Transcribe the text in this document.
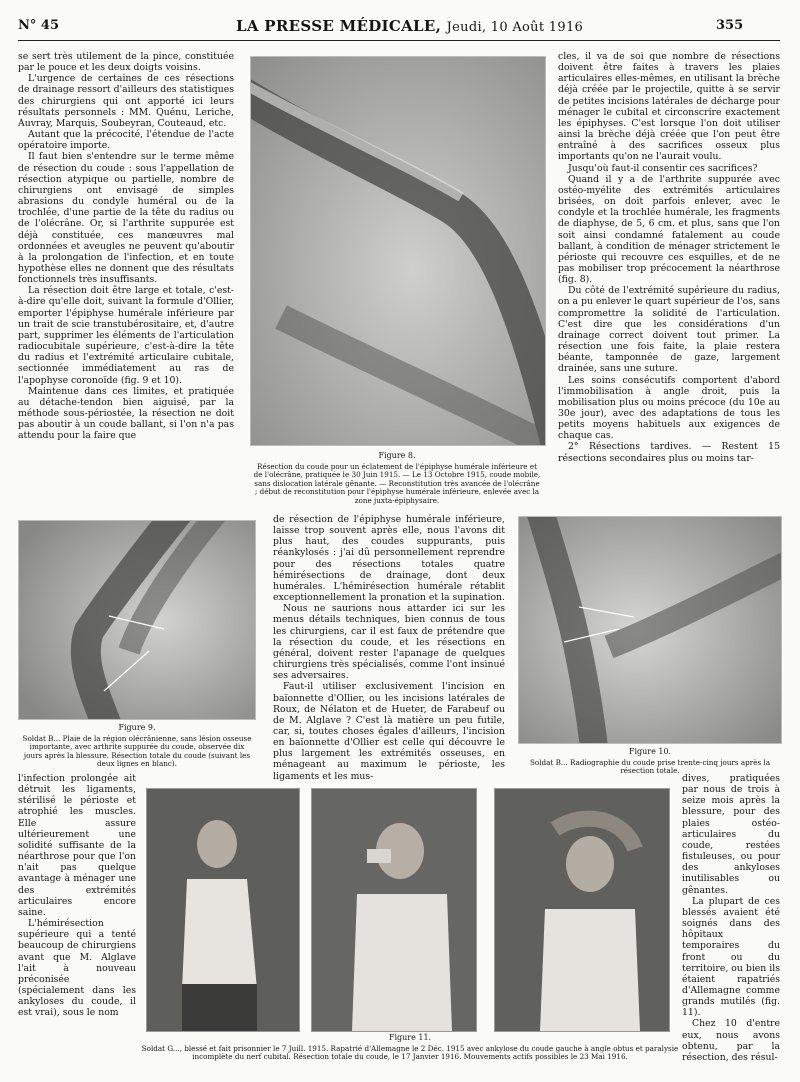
N° 45	LA PRESSE MÉDICALE, Jeudi, 10 Août 1916	355

se sert très utilement de la pince, constituée par le pouce et les deux doigts voisins.

L'urgence de certaines de ces résections de drainage ressort d'ailleurs des statistiques des chirurgiens qui ont apporté ici leurs résultats personnels : MM. Quénu, Leriche, Auvray, Marquis, Soubeyran, Couteaud, etc.

Autant que la précocité, l'étendue de l'acte opératoire importe.

Il faut bien s'entendre sur le terme même de résection du coude : sous l'appellation de résection atypique ou partielle, nombre de chirurgiens ont envisagé de simples abrasions du condyle huméral ou de la trochlée, d'une partie de la tête du radius ou de l'olécrâne. Or, si l'arthrite suppurée est déjà constituée, ces manœuvres mal ordonnées et aveugles ne peuvent qu'aboutir à la prolongation de l'infection, et en toute hypothèse elles ne donnent que des résultats fonctionnels très insuffisants.

La résection doit être large et totale, c'est-à-dire qu'elle doit, suivant la formule d'Ollier, emporter l'épiphyse humérale inférieure par un trait de scie transtubérositaire, et, d'autre part, supprimer les éléments de l'articulation radiocubitale supérieure, c'est-à-dire la tête du radius et l'extrémité articulaire cubitale, sectionnée immédiatement au ras de l'apophyse coronoïde (fig. 9 et 10).

Maintenue dans ces limites, et pratiquée au détache-tendon bien aiguisé, par la méthode sous-périostée, la résection ne doit pas aboutir à un coude ballant, si l'on n'a pas attendu pour la faire que

Figure 8.
Résection du coude pour un éclatement de l'épiphyse humérale inférieure et de l'olécrâne, pratiquée le 30 Juin 1915. — Le 13 Octobre 1915, coude mobile, sans dislocation latérale gênante. — Reconstitution très avancée de l'olécrâne ; début de reconstitution pour l'épiphyse humérale inférieure, enlevée avec la zone juxta-épiphysaire.

cles, il va de soi que nombre de résections doivent être faites à travers les plaies articulaires elles-mêmes, en utilisant la brèche déjà créée par le projectile, quitte à se servir de petites incisions latérales de décharge pour ménager le cubital et circonscrire exactement les épiphyses. C'est lorsque l'on doit utiliser ainsi la brèche déjà créée que l'on peut être entraîné à des sacrifices osseux plus importants qu'on ne l'aurait voulu.

Jusqu'où faut-il consentir ces sacrifices?

Quand il y a de l'arthrite suppurée avec ostéo-myélite des extrémités articulaires brisées, on doit parfois enlever, avec le condyle et la trochlée humérale, les fragments de diaphyse, de 5, 6 cm. et plus, sans que l'on soit ainsi condamné fatalement au coude ballant, à condition de ménager strictement le périoste qui recouvre ces esquilles, et de ne pas mobiliser trop précocement la néarthrose (fig. 8).

Du côté de l'extrémité supérieure du radius, on a pu enlever le quart supérieur de l'os, sans compromettre la solidité de l'articulation. C'est dire que les considérations d'un drainage correct doivent tout primer. La résection une fois faite, la plaie restera béante, tamponnée de gaze, largement drainée, sans une suture.

Les soins consécutifs comportent d'abord l'immobilisation à angle droit, puis la mobilisation plus ou moins précoce (du 10e au 30e jour), avec des adaptations de tous les petits moyens habituels aux exigences de chaque cas.

2° Résections tardives. — Restent 15 résections secondaires plus ou moins tar-

Figure 9.
Soldat B... Plaie de la région olécrânienne, sans lésion osseuse importante, avec arthrite suppurée du coude, observée dix jours après la blessure. Résection totale du coude (suivant les deux lignes en blanc).

de résection de l'épiphyse humérale inférieure, laisse trop souvent après elle, nous l'avons dit plus haut, des coudes suppurants, puis réankylosés : j'ai dû personnellement reprendre pour des résections totales quatre hémirésections de drainage, dont deux humérales. L'hémirésection humérale rétablit exceptionnellement la pronation et la supination.

Nous ne saurions nous attarder ici sur les menus détails techniques, bien connus de tous les chirurgiens, car il est faux de prétendre que la résection du coude, et les résections en général, doivent rester l'apanage de quelques chirurgiens très spécialisés, comme l'ont insinué ses adversaires.

Faut-il utiliser exclusivement l'incision en baïonnette d'Ollier, ou les incisions latérales de Roux, de Nélaton et de Hueter, de Farabeuf ou de M. Alglave ? C'est là matière un peu futile, car, si, toutes choses égales d'ailleurs, l'incision en baïonnette d'Ollier est celle qui découvre le plus largement les extrémités osseuses, en ménageant au maximum le périoste, les ligaments et les mus-

Figure 10.
Soldat B... Radiographie du coude prise trente-cinq jours après la résection totale.

l'infection prolongée ait détruit les ligaments, stérilisé le périoste et atrophié les muscles. Elle assure ultérieurement une solidité suffisante de la néarthrose pour que l'on n'ait pas quelque avantage à ménager une des extrémités articulaires encore saine.

L'hémirésection supérieure qui a tenté beaucoup de chirurgiens avant que M. Alglave l'ait à nouveau préconisée (spécialement dans les ankyloses du coude, il est vrai), sous le nom

Figure 11.
Soldat G..., blessé et fait prisonnier le 7 Juill. 1915. Rapatrié d'Allemagne le 2 Déc. 1915 avec ankylose du coude gauche à angle obtus et paralysie incomplète du nerf cubital. Résection totale du coude, le 17 Janvier 1916. Mouvements actifs possibles le 23 Mai 1916.

dives, pratiquées par nous de trois à seize mois après la blessure, pour des plaies ostéo-articulaires du coude, restées fistuleuses, ou pour des ankyloses inutilisables ou gênantes.

La plupart de ces blessés avaient été soignés dans des hôpitaux temporaires du front ou du territoire, ou bien ils étaient rapatriés d'Allemagne comme grands mutilés (fig. 11).

Chez 10 d'entre eux, nous avons obtenu, par la résection, des résul-
